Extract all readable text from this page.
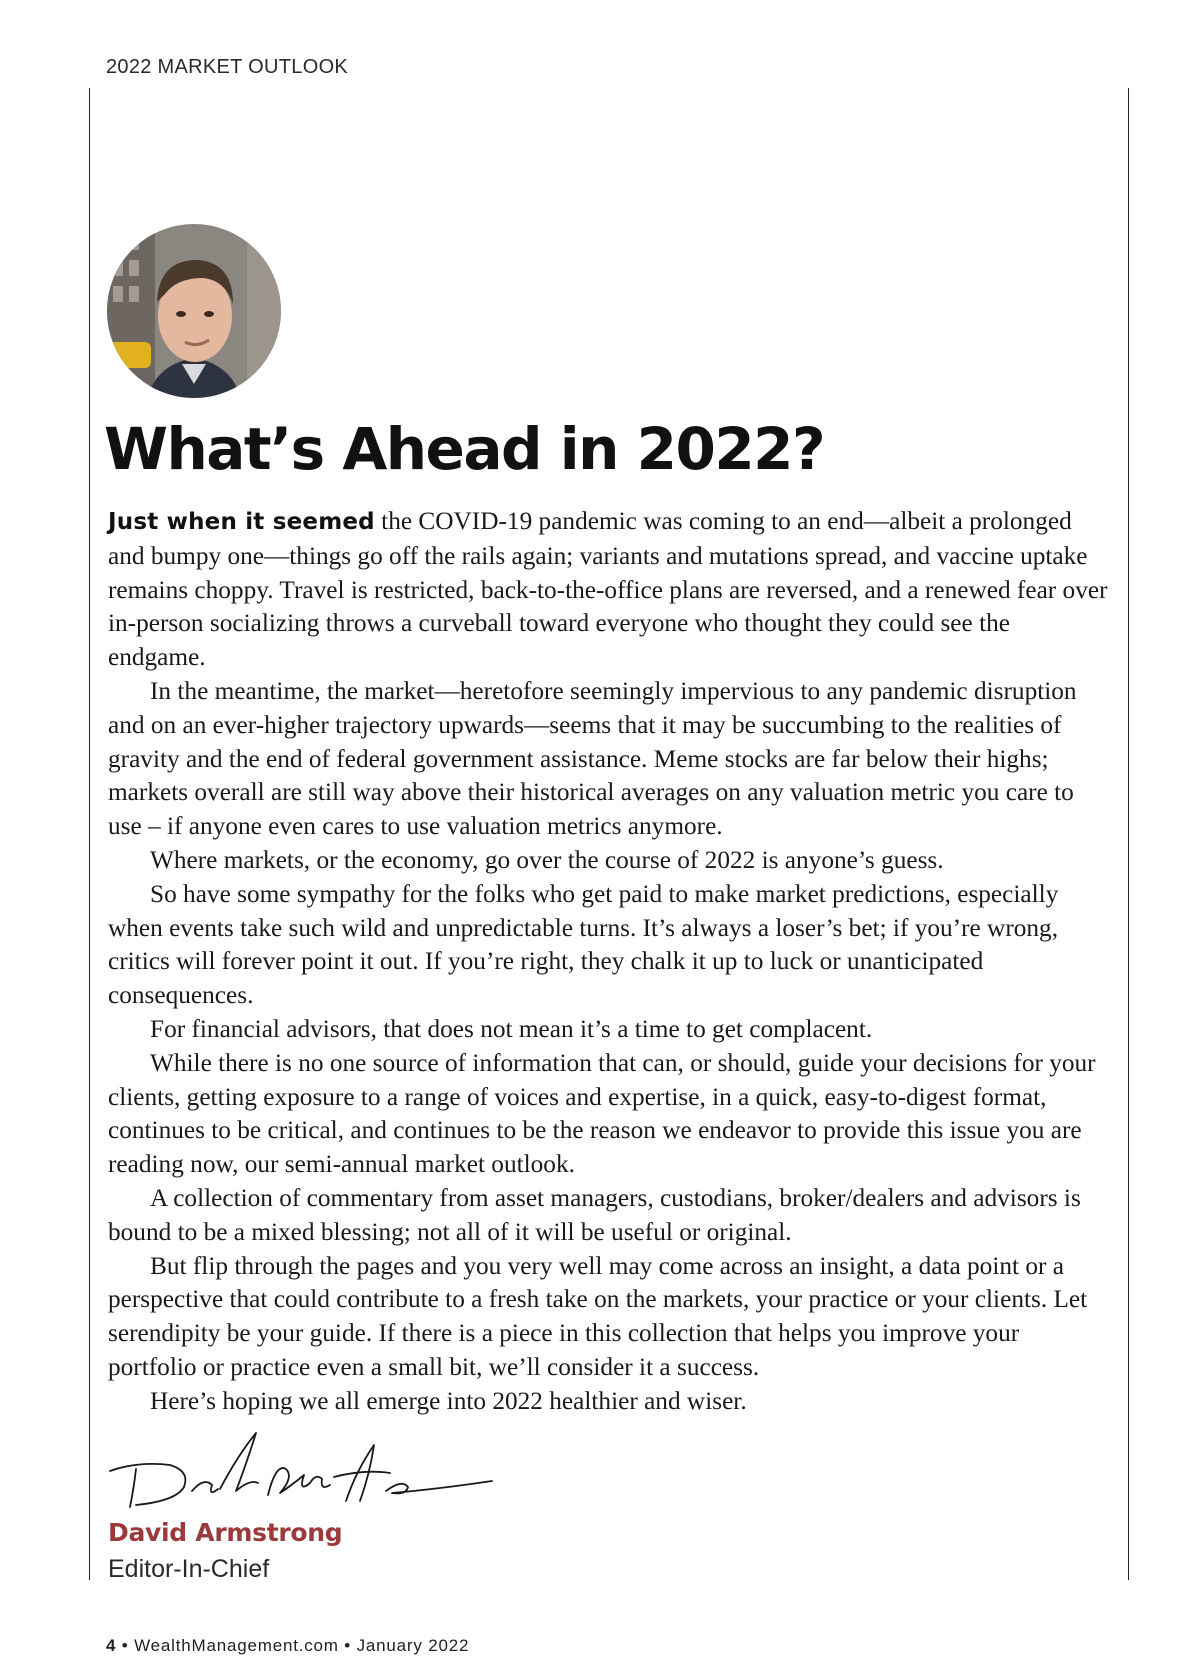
2022 MARKET OUTLOOK
What’s Ahead in 2022?

Just when it seemed the COVID-19 pandemic was coming to an end—albeit a prolonged and bumpy one—things go off the rails again; variants and mutations spread, and vaccine uptake remains choppy. Travel is restricted, back-to-the-office plans are reversed, and a renewed fear over in-person socializing throws a curveball toward everyone who thought they could see the endgame.

In the meantime, the market—heretofore seemingly impervious to any pandemic disruption and on an ever-higher trajectory upwards—seems that it may be succumbing to the realities of gravity and the end of federal government assistance. Meme stocks are far below their highs; markets overall are still way above their historical averages on any valuation metric you care to use – if anyone even cares to use valuation metrics anymore.

Where markets, or the economy, go over the course of 2022 is anyone’s guess.

So have some sympathy for the folks who get paid to make market predictions, especially when events take such wild and unpredictable turns. It’s always a loser’s bet; if you’re wrong, critics will forever point it out. If you’re right, they chalk it up to luck or unanticipated consequences.

For financial advisors, that does not mean it’s a time to get complacent.

While there is no one source of information that can, or should, guide your decisions for your clients, getting exposure to a range of voices and expertise, in a quick, easy-to-digest format, continues to be critical, and continues to be the reason we endeavor to provide this issue you are reading now, our semi-annual market outlook.

A collection of commentary from asset managers, custodians, broker/dealers and advisors is bound to be a mixed blessing; not all of it will be useful or original.

But flip through the pages and you very well may come across an insight, a data point or a perspective that could contribute to a fresh take on the markets, your practice or your clients. Let serendipity be your guide. If there is a piece in this collection that helps you improve your portfolio or practice even a small bit, we’ll consider it a success.

Here’s hoping we all emerge into 2022 healthier and wiser.

David Armstrong
Editor-In-Chief
4 • WealthManagement.com • January 2022
